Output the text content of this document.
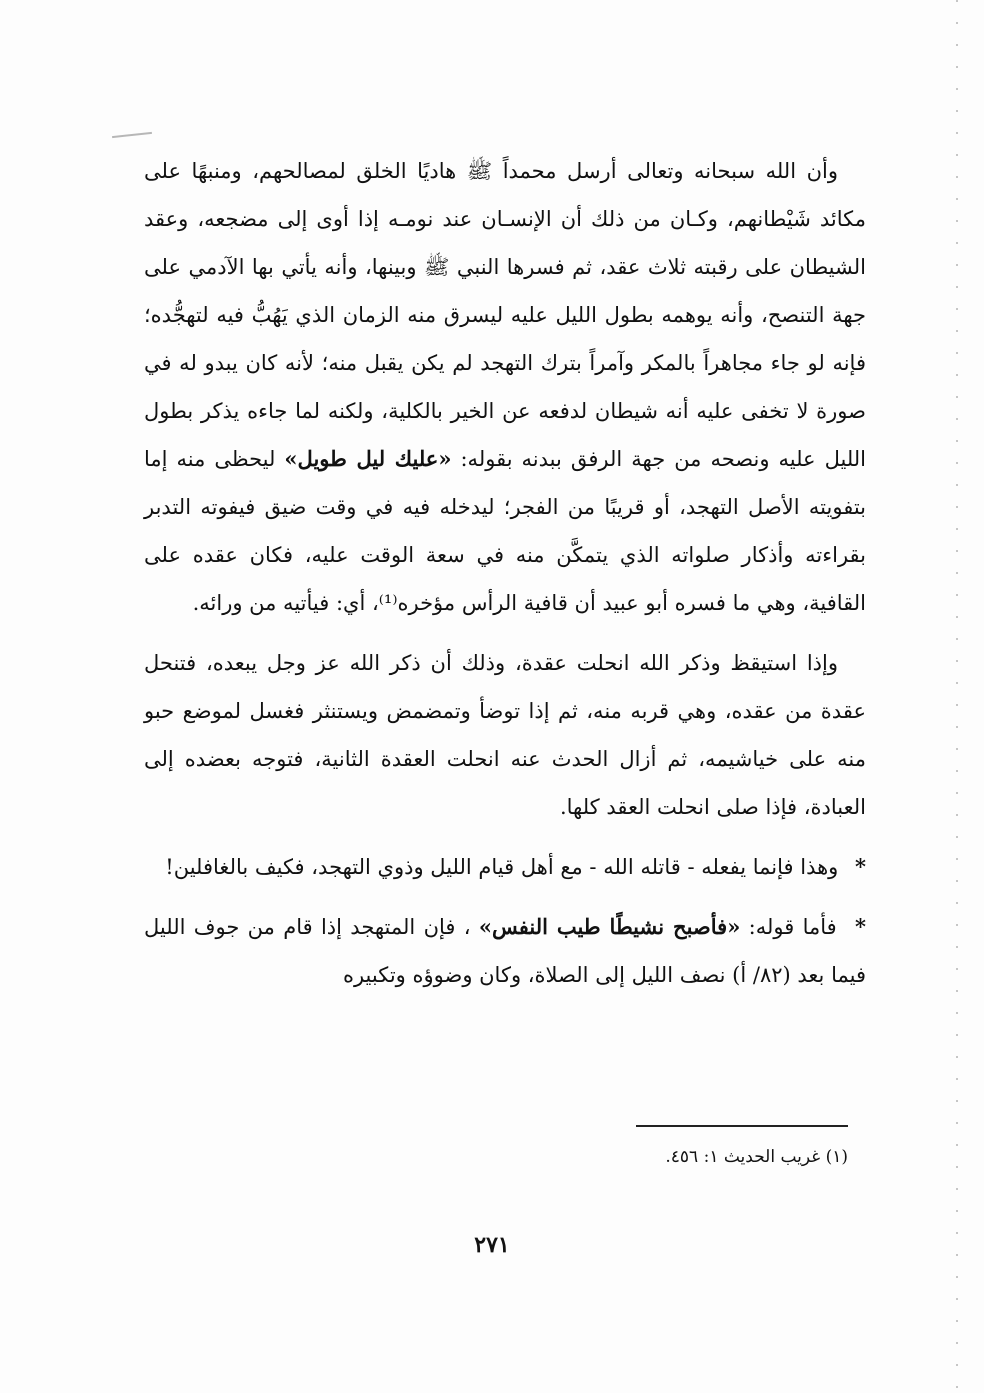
وأن الله سبحانه وتعالى أرسل محمداً ﷺ هاديًا الخلق لمصالحهم، ومنبهًا على مكائد شَيْطانهم، وكـان من ذلك أن الإنسـان عند نومـه إذا أوى إلى مضجعه، وعقد الشيطان على رقبته ثلاث عقد، ثم فسرها النبي ﷺ وبينها، وأنه يأتي بها الآدمي على جهة التنصح، وأنه يوهمه بطول الليل عليه ليسرق منه الزمان الذي يَهُبُّ فيه لتهجُّده؛ فإنه لو جاء مجاهراً بالمكر وآمراً بترك التهجد لم يكن يقبل منه؛ لأنه كان يبدو له في صورة لا تخفى عليه أنه شيطان لدفعه عن الخير بالكلية، ولكنه لما جاءه يذكر بطول الليل عليه ونصحه من جهة الرفق ببدنه بقوله: «عليك ليل طويل» ليحظى منه إما بتفويته الأصل التهجد، أو قريبًا من الفجر؛ ليدخله فيه في وقت ضيق فيفوته التدبر بقراءته وأذكار صلواته الذي يتمكَّن منه في سعة الوقت عليه، فكان عقده على القافية، وهي ما فسره أبو عبيد أن قافية الرأس مؤخره⁽¹⁾، أي: فيأتيه من ورائه.

وإذا استيقظ وذكر الله انحلت عقدة، وذلك أن ذكر الله عز وجل يبعده، فتنحل عقدة من عقده، وهي قربه منه، ثم إذا توضأ وتمضمض ويستنثر فغسل لموضع حبو منه على خياشيمه، ثم أزال الحدث عنه انحلت العقدة الثانية، فتوجه بعضده إلى العبادة، فإذا صلى انحلت العقد كلها.

* وهذا فإنما يفعله - قاتله الله - مع أهل قيام الليل وذوي التهجد، فكيف بالغافلين!

* فأما قوله: «فأصبح نشيطًا طيب النفس» ، فإن المتهجد إذا قام من جوف الليل فيما بعد (٨٢/ أ) نصف الليل إلى الصلاة، وكان وضوؤه وتكبيره

(١) غريب الحديث ١: ٤٥٦.
٢٧١
